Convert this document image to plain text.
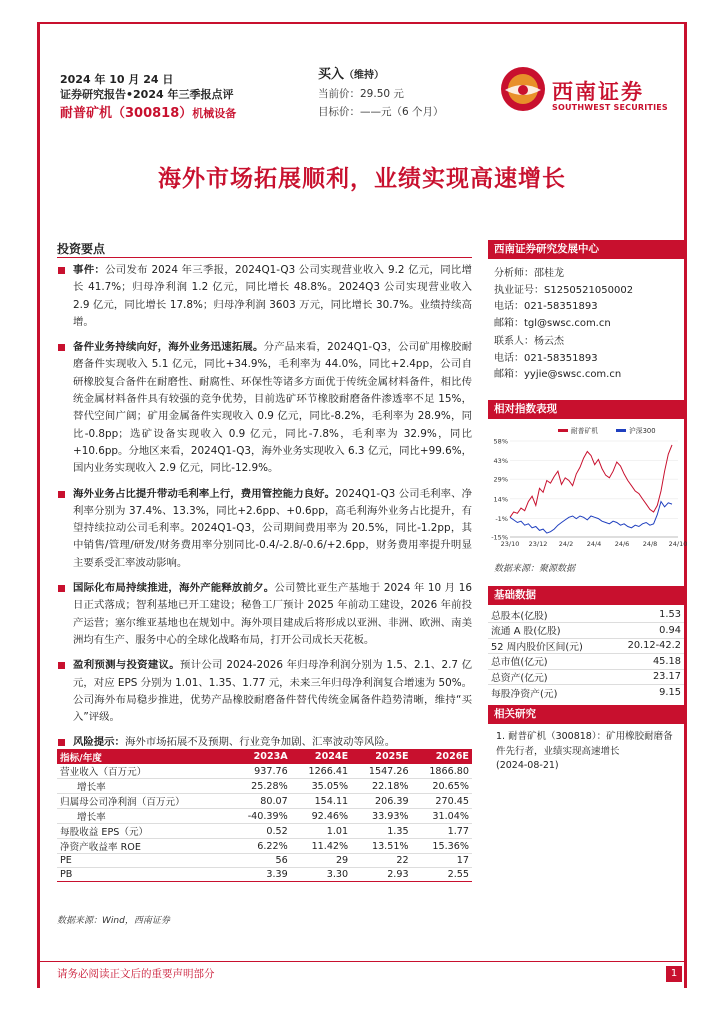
2024 年 10 月 24 日
证券研究报告•2024 年三季报点评
耐普矿机（300818）机械设备
买入（维持）
当前价：29.50 元
目标价：——元（6 个月）
西南证券
SOUTHWEST SECURITIES
海外市场拓展顺利，业绩实现高速增长
投资要点
事件：公司发布 2024 年三季报，2024Q1-Q3 公司实现营业收入 9.2 亿元，同比增长 41.7%；归母净利润 1.2 亿元，同比增长 48.8%。2024Q3 公司实现营业收入 2.9 亿元，同比增长 17.8%；归母净利润 3603 万元，同比增长 30.7%。业绩持续高增。
备件业务持续向好，海外业务迅速拓展。分产品来看，2024Q1-Q3，公司矿用橡胶耐磨备件实现收入 5.1 亿元，同比+34.9%，毛利率为 44.0%，同比+2.4pp，公司自研橡胶复合备件在耐磨性、耐腐性、环保性等诸多方面优于传统金属材料备件，相比传统金属材料备件具有较强的竞争优势，目前选矿环节橡胶耐磨备件渗透率不足 15%，替代空间广阔；矿用金属备件实现收入 0.9 亿元，同比-8.2%，毛利率为 28.9%，同比-0.8pp；选矿设备实现收入 0.9 亿元，同比-7.8%，毛利率为 32.9%，同比+10.6pp。分地区来看，2024Q1-Q3，海外业务实现收入 6.3 亿元，同比+99.6%，国内业务实现收入 2.9 亿元，同比-12.9%。
海外业务占比提升带动毛利率上行，费用管控能力良好。2024Q1-Q3 公司毛利率、净利率分别为 37.4%、13.3%，同比+2.6pp、+0.6pp，高毛利海外业务占比提升，有望持续拉动公司毛利率。2024Q1-Q3，公司期间费用率为 20.5%，同比-1.2pp，其中销售/管理/研发/财务费用率分别同比-0.4/-2.8/-0.6/+2.6pp，财务费用率提升明显主要系受汇率波动影响。
国际化布局持续推进，海外产能释放前夕。公司赞比亚生产基地于 2024 年 10 月 16 日正式落成；智利基地已开工建设；秘鲁工厂预计 2025 年前动工建设，2026 年前投产运营；塞尔维亚基地也在规划中。海外项目建成后将形成以亚洲、非洲、欧洲、南美洲均有生产、服务中心的全球化战略布局，打开公司成长天花板。
盈利预测与投资建议。预计公司 2024-2026 年归母净利润分别为 1.5、2.1、2.7 亿元，对应 EPS 分别为 1.01、1.35、1.77 元，未来三年归母净利润复合增速为 50%。公司海外布局稳步推进，优势产品橡胶耐磨备件替代传统金属备件趋势清晰，维持“买入”评级。
风险提示：海外市场拓展不及预期、行业竞争加剧、汇率波动等风险。
指标/年度	2023A	2024E	2025E	2026E
营业收入（百万元）	937.76	1266.41	1547.26	1866.80
增长率	25.28%	35.05%	22.18%	20.65%
归属母公司净利润（百万元）	80.07	154.11	206.39	270.45
增长率	-40.39%	92.46%	33.93%	31.04%
每股收益 EPS（元）	0.52	1.01	1.35	1.77
净资产收益率 ROE	6.22%	11.42%	13.51%	15.36%
PE	56	29	22	17
PB	3.39	3.30	2.93	2.55
数据来源：Wind，西南证券
西南证券研究发展中心
分析师：邵桂龙
执业证号：S1250521050002
电话：021-58351893
邮箱：tgl@swsc.com.cn
联系人：杨云杰
电话：021-58351893
邮箱：yyjie@swsc.com.cn
相对指数表现
58%
43%
29%
14%
-1%
-15%
23/10 23/12 24/2 24/4 24/6 24/8 24/10
耐普矿机	沪深300
数据来源：聚源数据
基础数据
总股本(亿股)	1.53
流通 A 股(亿股)	0.94
52 周内股价区间(元)	20.12-42.2
总市值(亿元)	45.18
总资产(亿元)	23.17
每股净资产(元)	9.15
相关研究
1. 耐普矿机（300818）：矿用橡胶耐磨备件先行者，业绩实现高速增长
(2024-08-21)
请务必阅读正文后的重要声明部分	1
